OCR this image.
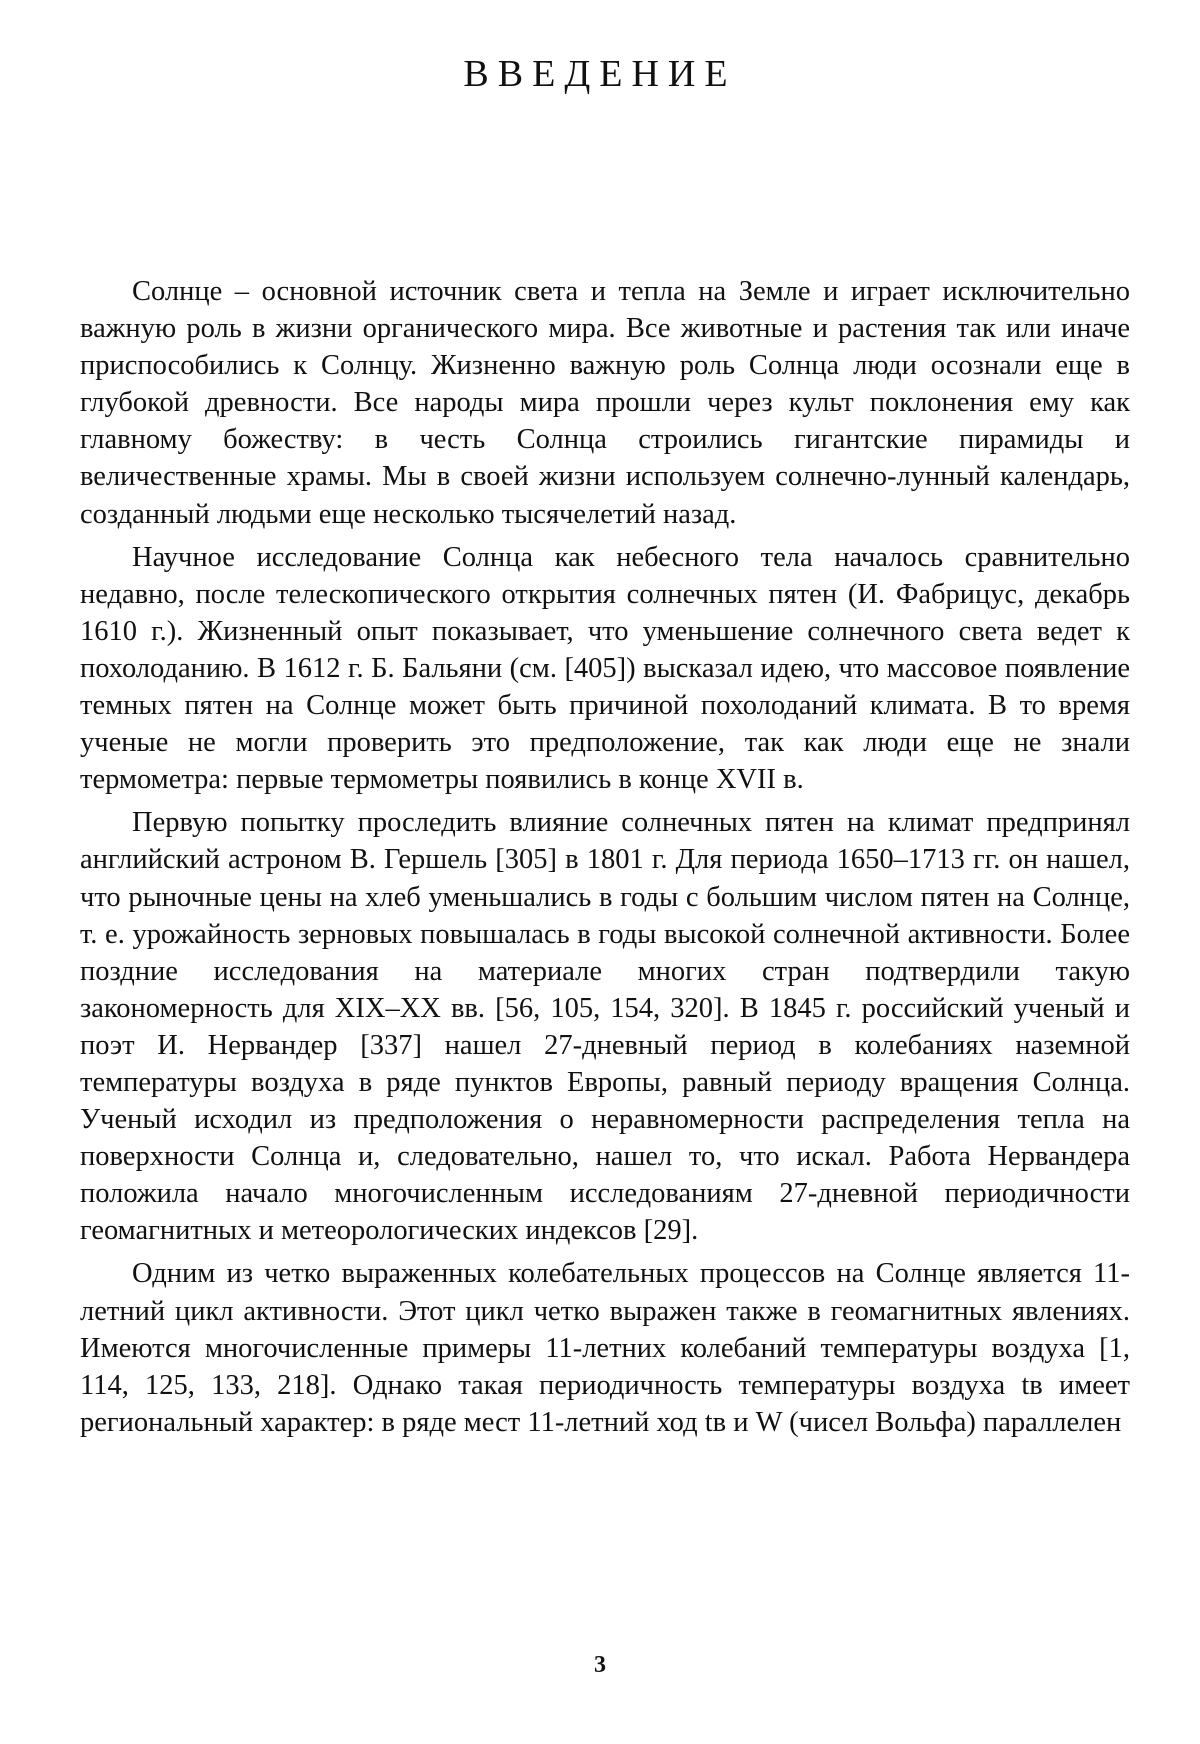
ВВЕДЕНИЕ

Солнце – основной источник света и тепла на Земле и играет исключительно важную роль в жизни органического мира. Все животные и растения так или иначе приспособились к Солнцу. Жизненно важную роль Солнца люди осознали еще в глубокой древности. Все народы мира прошли через культ поклонения ему как главному божеству: в честь Солнца строились гигантские пирамиды и величественные храмы. Мы в своей жизни используем солнечно-лунный календарь, созданный людьми еще несколько тысячелетий назад.

Научное исследование Солнца как небесного тела началось сравнительно недавно, после телескопического открытия солнечных пятен (И. Фабрицус, декабрь 1610 г.). Жизненный опыт показывает, что уменьшение солнечного света ведет к похолоданию. В 1612 г. Б. Бальяни (см. [405]) высказал идею, что массовое появление темных пятен на Солнце может быть причиной похолоданий климата. В то время ученые не могли проверить это предположение, так как люди еще не знали термометра: первые термометры появились в конце XVII в.

Первую попытку проследить влияние солнечных пятен на климат предпринял английский астроном В. Гершель [305] в 1801 г. Для периода 1650–1713 гг. он нашел, что рыночные цены на хлеб уменьшались в годы с большим числом пятен на Солнце, т. е. урожайность зерновых повышалась в годы высокой солнечной активности. Более поздние исследования на материале многих стран подтвердили такую закономерность для XIX–XX вв. [56, 105, 154, 320]. В 1845 г. российский ученый и поэт И. Нервандер [337] нашел 27-дневный период в колебаниях наземной температуры воздуха в ряде пунктов Европы, равный периоду вращения Солнца. Ученый исходил из предположения о неравномерности распределения тепла на поверхности Солнца и, следовательно, нашел то, что искал. Работа Нервандера положила начало многочисленным исследованиям 27-дневной периодичности геомагнитных и метеорологических индексов [29].

Одним из четко выраженных колебательных процессов на Солнце является 11-летний цикл активности. Этот цикл четко выражен также в геомагнитных явлениях. Имеются многочисленные примеры 11-летних колебаний температуры воздуха [1, 114, 125, 133, 218]. Однако такая периодичность температуры воздуха tв имеет региональный характер: в ряде мест 11-летний ход tв и W (чисел Вольфа) параллелен

3
